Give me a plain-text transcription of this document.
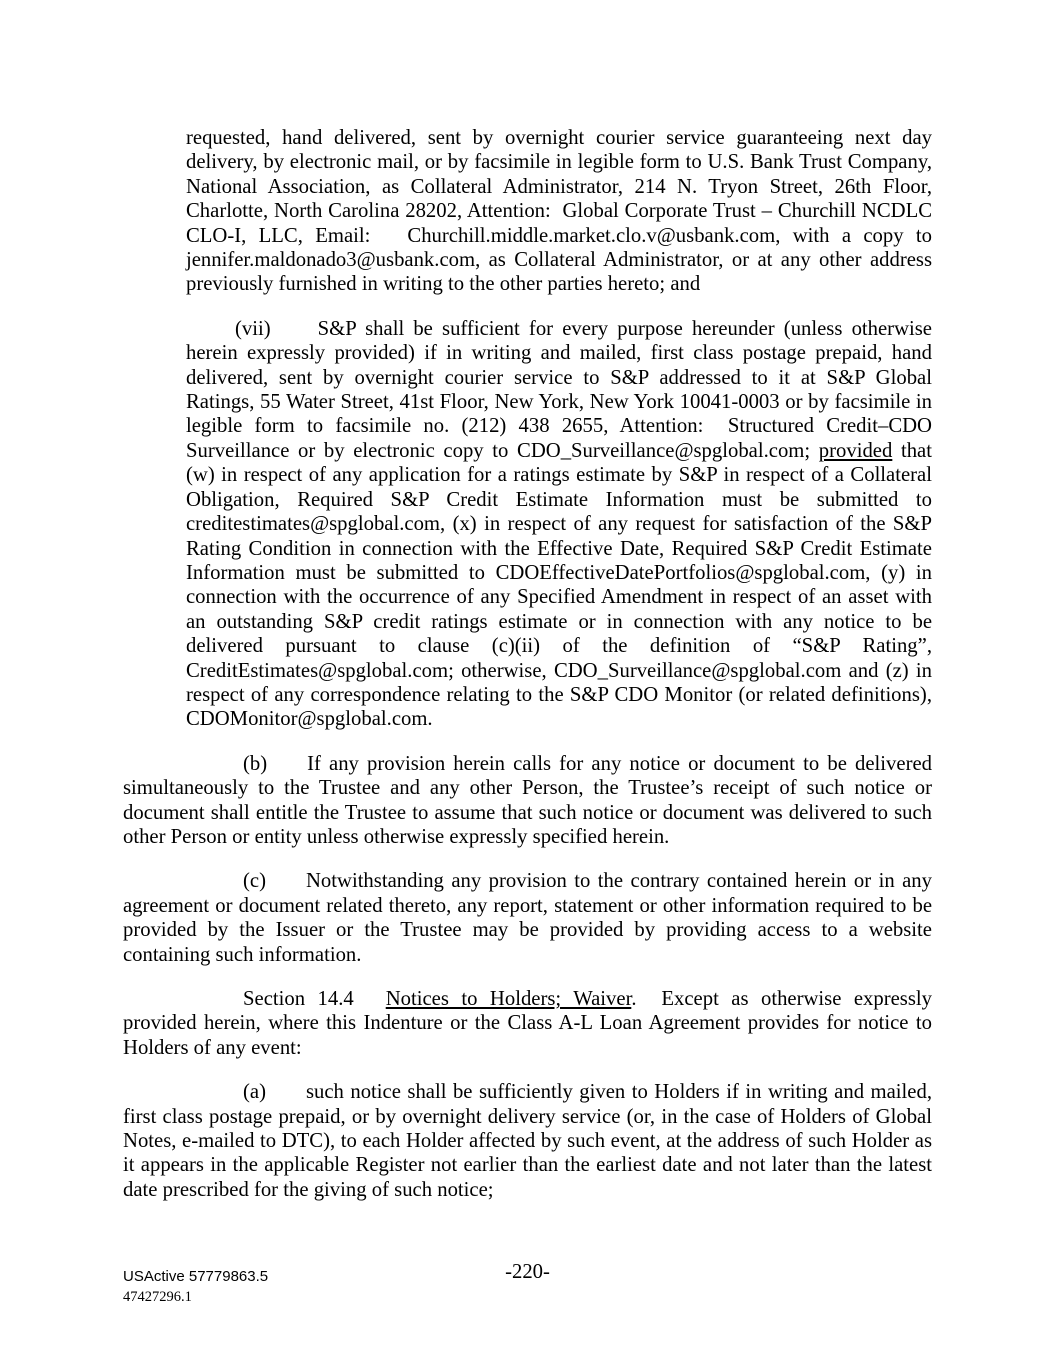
requested, hand delivered, sent by overnight courier service guaranteeing next day delivery, by electronic mail, or by facsimile in legible form to U.S. Bank Trust Company, National Association, as Collateral Administrator, 214 N. Tryon Street, 26th Floor, Charlotte, North Carolina 28202, Attention:  Global Corporate Trust – Churchill NCDLC CLO-I, LLC, Email:   Churchill.middle.market.clo.v@usbank.com, with a copy to jennifer.maldonado3@usbank.com, as Collateral Administrator, or at any other address previously furnished in writing to the other parties hereto; and

(vii) S&P shall be sufficient for every purpose hereunder (unless otherwise herein expressly provided) if in writing and mailed, first class postage prepaid, hand delivered, sent by overnight courier service to S&P addressed to it at S&P Global Ratings, 55 Water Street, 41st Floor, New York, New York 10041-0003 or by facsimile in legible form to facsimile no. (212) 438 2655, Attention:  Structured Credit–CDO Surveillance or by electronic copy to CDO_Surveillance@spglobal.com; provided that (w) in respect of any application for a ratings estimate by S&P in respect of a Collateral Obligation, Required S&P Credit Estimate Information must be submitted to creditestimates@spglobal.com, (x) in respect of any request for satisfaction of the S&P Rating Condition in connection with the Effective Date, Required S&P Credit Estimate Information must be submitted to CDOEffectiveDatePortfolios@spglobal.com, (y) in connection with the occurrence of any Specified Amendment in respect of an asset with an outstanding S&P credit ratings estimate or in connection with any notice to be delivered pursuant to clause (c)(ii) of the definition of “S&P Rating”, CreditEstimates@spglobal.com; otherwise, CDO_Surveillance@spglobal.com and (z) in respect of any correspondence relating to the S&P CDO Monitor (or related definitions), CDOMonitor@spglobal.com.

(b) If any provision herein calls for any notice or document to be delivered simultaneously to the Trustee and any other Person, the Trustee’s receipt of such notice or document shall entitle the Trustee to assume that such notice or document was delivered to such other Person or entity unless otherwise expressly specified herein.

(c) Notwithstanding any provision to the contrary contained herein or in any agreement or document related thereto, any report, statement or other information required to be provided by the Issuer or the Trustee may be provided by providing access to a website containing such information.

Section 14.4 Notices to Holders; Waiver.  Except as otherwise expressly provided herein, where this Indenture or the Class A-L Loan Agreement provides for notice to Holders of any event:

(a) such notice shall be sufficiently given to Holders if in writing and mailed, first class postage prepaid, or by overnight delivery service (or, in the case of Holders of Global Notes, e-mailed to DTC), to each Holder affected by such event, at the address of such Holder as it appears in the applicable Register not earlier than the earliest date and not later than the latest date prescribed for the giving of such notice;

-220-
USActive 57779863.5
47427296.1
